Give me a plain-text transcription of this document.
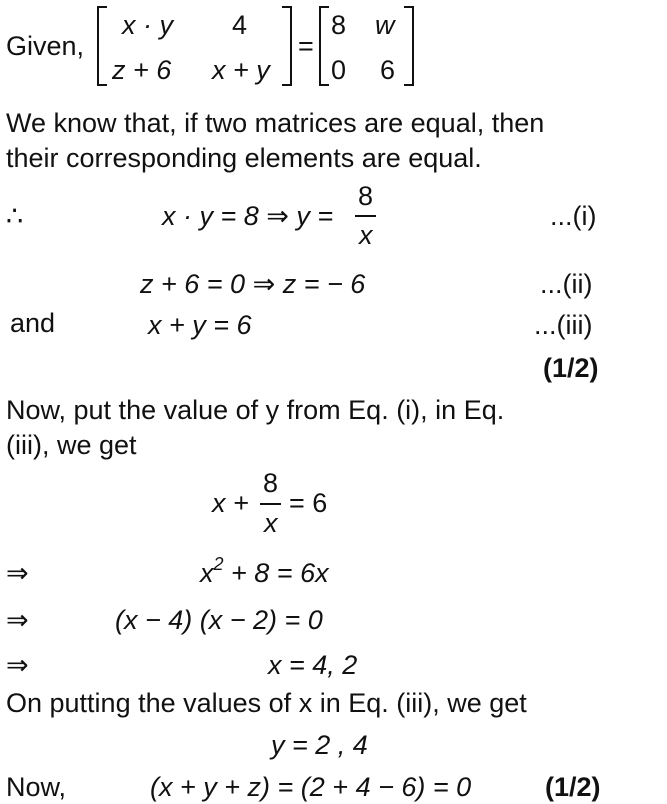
Given,
x · y 4
z + 6 x + y
=
8 w
0 6
We know that, if two matrices are equal, then
their corresponding elements are equal.
∴	x · y = 8 ⇒ y =
8
x
...(i)
z + 6 = 0 ⇒ z = − 6	...(ii)
and	x + y = 6	...(iii)
(1/2)
Now, put the value of y from Eq. (i), in Eq.
(iii), we get
x +
8
x
= 6
⇒	$x^2 + 8 = 6x$
⇒	(x − 4) (x − 2) = 0
⇒	x = 4, 2
On putting the values of x in Eq. (iii), we get
y = 2 , 4
Now,	(x + y + z) = (2 + 4 − 6) = 0	(1/2)
